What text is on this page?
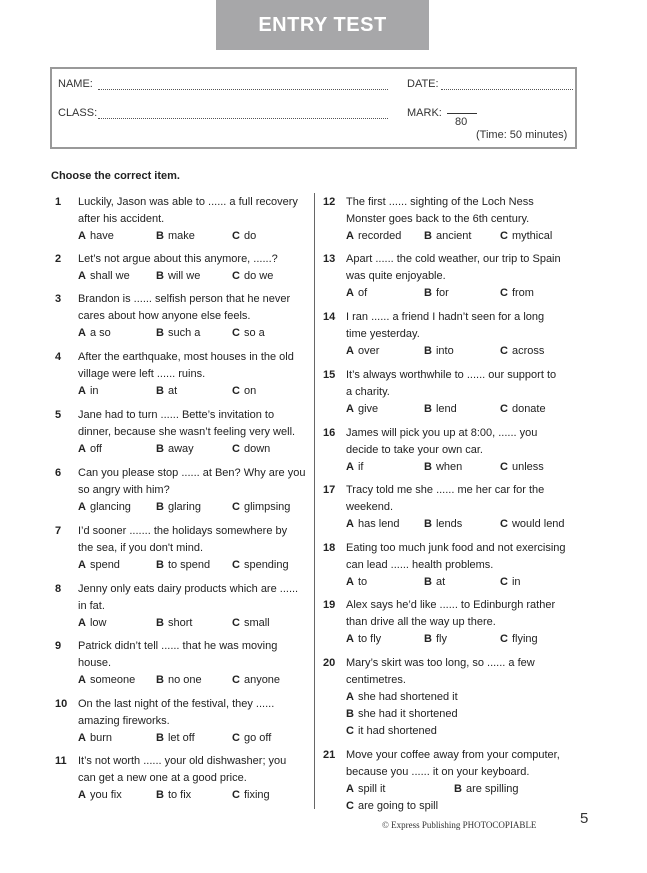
ENTRY TEST
NAME:	DATE:
CLASS:	MARK:
80
(Time: 50 minutes)
Choose the correct item.
1 Luckily, Jason was able to ...... a full recovery
after his accident.
A have	B make	C do
2 Let’s not argue about this anymore, ......?
A shall we B will we	C do we
3 Brandon is ...... selfish person that he never
cares about how anyone else feels.
A a so	B such a	C so a
4 After the earthquake, most houses in the old
village were left ...... ruins.
A in	B at	C on
5 Jane had to turn ...... Bette’s invitation to
dinner, because she wasn’t feeling very well.
A off	B away	C down
6 Can you please stop ...... at Ben? Why are you
so angry with him?
A glancing B glaring	C glimpsing
7 I’d sooner ....... the holidays somewhere by
the sea, if you don't mind.
A spend	B to spend C spending
8 Jenny only eats dairy products which are ......
in fat.
A low	B short	C small
9 Patrick didn’t tell ...... that he was moving
house.
A someone B no one	C anyone
10 On the last night of the festival, they ......
amazing fireworks.
A burn	B let off	C go off
11 It’s not worth ...... your old dishwasher; you
can get a new one at a good price.
A you fix	B to fix	C fixing
12 The first ...... sighting of the Loch Ness
Monster goes back to the 6th century.
A recorded B ancient	C mythical
13 Apart ...... the cold weather, our trip to Spain
was quite enjoyable.
A of	B for	C from
14 I ran ...... a friend I hadn’t seen for a long
time yesterday.
A over	B into	C across
15 It’s always worthwhile to ...... our support to
a charity.
A give	B lend	C donate
16 James will pick you up at 8:00, ...... you
decide to take your own car.
A if	B when	C unless
17 Tracy told me she ...... me her car for the
weekend.
A has lend B lends	C would lend
18 Eating too much junk food and not exercising
can lead ...... health problems.
A to	B at	C in
19 Alex says he’d like ...... to Edinburgh rather
than drive all the way up there.
A to fly	B fly	C flying
20 Mary’s skirt was too long, so ...... a few
centimetres.
A she had shortened it
B she had it shortened
C it had shortened
21 Move your coffee away from your computer,
because you ...... it on your keyboard.
A spill it	B are spilling
C are going to spill
© Express Publishing PHOTOCOPIABLE	5
